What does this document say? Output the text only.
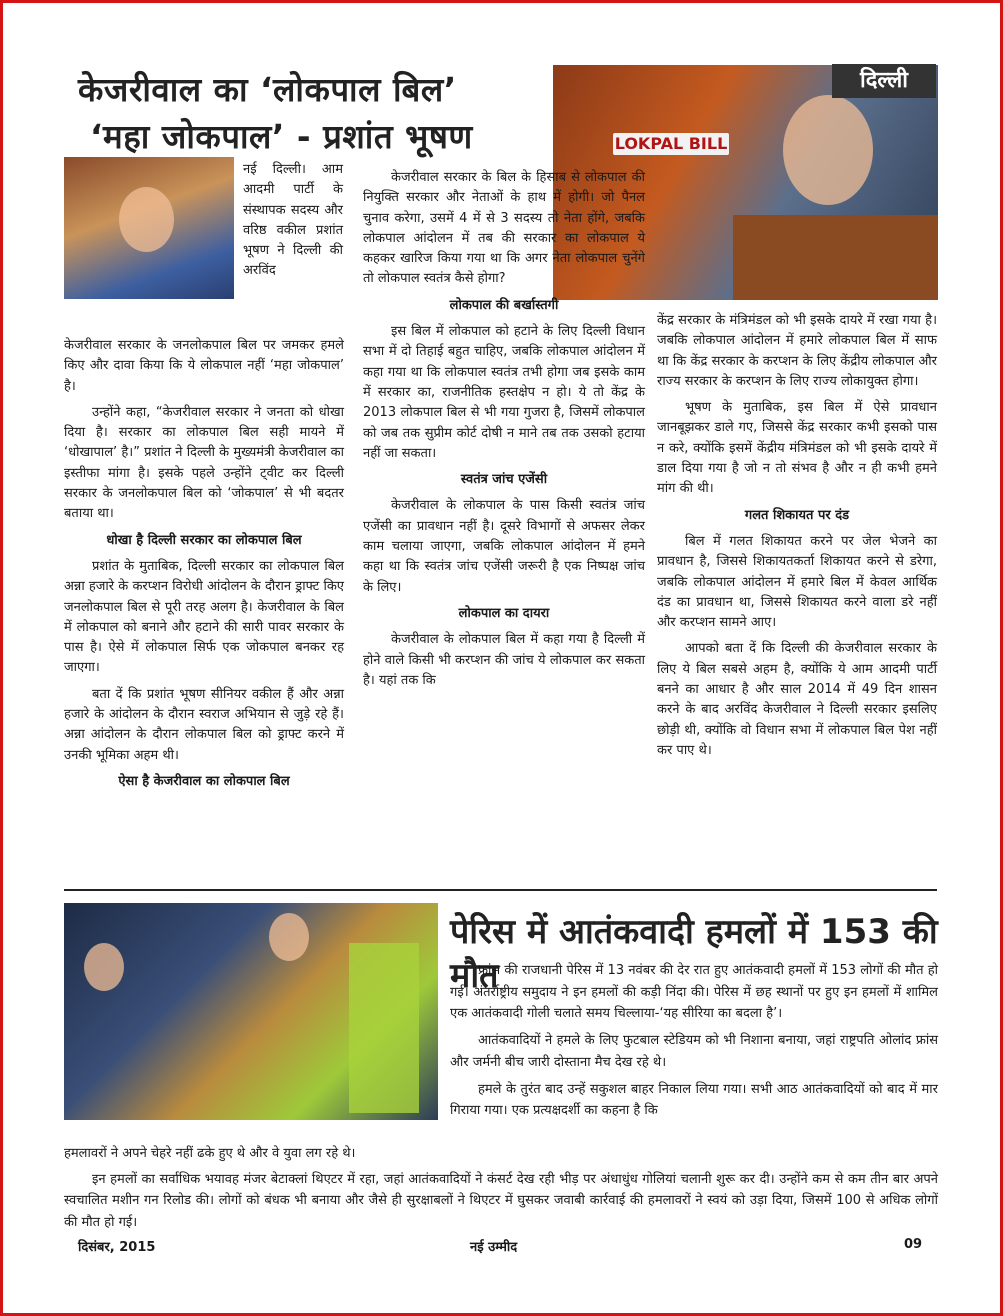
केजरीवाल का ‘लोकपाल बिल’
‘महा जोकपाल’ - प्रशांत भूषण	LOKPAL BILL
दिल्ली

नई दिल्ली। आम आदमी पार्टी के संस्थापक सदस्य और वरिष्ठ वकील प्रशांत भूषण ने दिल्ली की अरविंद

केजरीवाल सरकार के जनलोकपाल बिल पर जमकर हमले किए और दावा किया कि ये लोकपाल नहीं ‘महा जोकपाल’ है।

उन्होंने कहा, “केजरीवाल सरकार ने जनता को धोखा दिया है। सरकार का लोकपाल बिल सही मायने में ‘धोखापाल’ है।” प्रशांत ने दिल्ली के मुख्यमंत्री केजरीवाल का इस्तीफा मांगा है। इसके पहले उन्होंने ट्वीट कर दिल्ली सरकार के जनलोकपाल बिल को ‘जोकपाल’ से भी बदतर बताया था।

धोखा है दिल्ली सरकार का लोकपाल बिल

प्रशांत के मुताबिक, दिल्ली सरकार का लोकपाल बिल अन्ना हजारे के करप्शन विरोधी आंदोलन के दौरान ड्राफ्ट किए जनलोकपाल बिल से पूरी तरह अलग है। केजरीवाल के बिल में लोकपाल को बनाने और हटाने की सारी पावर सरकार के पास है। ऐसे में लोकपाल सिर्फ एक जोकपाल बनकर रह जाएगा।

बता दें कि प्रशांत भूषण सीनियर वकील हैं और अन्ना हजारे के आंदोलन के दौरान स्वराज अभियान से जुड़े रहे हैं। अन्ना आंदोलन के दौरान लोकपाल बिल को ड्राफ्ट करने में उनकी भूमिका अहम थी।

ऐसा है केजरीवाल का लोकपाल बिल

केजरीवाल सरकार के बिल के हिसाब से लोकपाल की नियुक्ति सरकार और नेताओं के हाथ में होगी। जो पैनल चुनाव करेगा, उसमें 4 में से 3 सदस्य तो नेता होंगे, जबकि लोकपाल आंदोलन में तब की सरकार का लोकपाल ये कहकर खारिज किया गया था कि अगर नेता लोकपाल चुनेंगे तो लोकपाल स्वतंत्र कैसे होगा?

लोकपाल की बर्खास्तगी

इस बिल में लोकपाल को हटाने के लिए दिल्ली विधान सभा में दो तिहाई बहुत चाहिए, जबकि लोकपाल आंदोलन में कहा गया था कि लोकपाल स्वतंत्र तभी होगा जब इसके काम में सरकार का, राजनीतिक हस्तक्षेप न हो। ये तो केंद्र के 2013 लोकपाल बिल से भी गया गुजरा है, जिसमें लोकपाल को जब तक सुप्रीम कोर्ट दोषी न माने तब तक उसको हटाया नहीं जा सकता।

स्वतंत्र जांच एजेंसी

केजरीवाल के लोकपाल के पास किसी स्वतंत्र जांच एजेंसी का प्रावधान नहीं है। दूसरे विभागों से अफसर लेकर काम चलाया जाएगा, जबकि लोकपाल आंदोलन में हमने कहा था कि स्वतंत्र जांच एजेंसी जरूरी है एक निष्पक्ष जांच के लिए।

लोकपाल का दायरा

केजरीवाल के लोकपाल बिल में कहा गया है दिल्ली में होने वाले किसी भी करप्शन की जांच ये लोकपाल कर सकता है। यहां तक कि

केंद्र सरकार के मंत्रिमंडल को भी इसके दायरे में रखा गया है। जबकि लोकपाल आंदोलन में हमारे लोकपाल बिल में साफ था कि केंद्र सरकार के करप्शन के लिए केंद्रीय लोकपाल और राज्य सरकार के करप्शन के लिए राज्य लोकायुक्त होगा।

भूषण के मुताबिक, इस बिल में ऐसे प्रावधान जानबूझकर डाले गए, जिससे केंद्र सरकार कभी इसको पास न करे, क्योंकि इसमें केंद्रीय मंत्रिमंडल को भी इसके दायरे में डाल दिया गया है जो न तो संभव है और न ही कभी हमने मांग की थी।

गलत शिकायत पर दंड

बिल में गलत शिकायत करने पर जेल भेजने का प्रावधान है, जिससे शिकायतकर्ता शिकायत करने से डरेगा, जबकि लोकपाल आंदोलन में हमारे बिल में केवल आर्थिक दंड का प्रावधान था, जिससे शिकायत करने वाला डरे नहीं और करप्शन सामने आए।

आपको बता दें कि दिल्ली की केजरीवाल सरकार के लिए ये बिल सबसे अहम है, क्योंकि ये आम आदमी पार्टी बनने का आधार है और साल 2014 में 49 दिन शासन करने के बाद अरविंद केजरीवाल ने दिल्ली सरकार इसलिए छोड़ी थी, क्योंकि वो विधान सभा में लोकपाल बिल पेश नहीं कर पाए थे।

पेरिस में आतंकवादी हमलों में 153 की मौत

फ्रांस की राजधानी पेरिस में 13 नवंबर की देर रात हुए आतंकवादी हमलों में 153 लोगों की मौत हो गई। अंतर्राष्ट्रीय समुदाय ने इन हमलों की कड़ी निंदा की। पेरिस में छह स्थानों पर हुए इन हमलों में शामिल एक आतंकवादी गोली चलाते समय चिल्लाया-‘यह सीरिया का बदला है’।

आतंकवादियों ने हमले के लिए फुटबाल स्टेडियम को भी निशाना बनाया, जहां राष्ट्रपति ओलांद फ्रांस और जर्मनी बीच जारी दोस्ताना मैच देख रहे थे।

हमले के तुरंत बाद उन्हें सकुशल बाहर निकाल लिया गया। सभी आठ आतंकवादियों को बाद में मार गिराया गया। एक प्रत्यक्षदर्शी का कहना है कि

हमलावरों ने अपने चेहरे नहीं ढके हुए थे और वे युवा लग रहे थे।

इन हमलों का सर्वाधिक भयावह मंजर बेटाक्लां थिएटर में रहा, जहां आतंकवादियों ने कंसर्ट देख रही भीड़ पर अंधाधुंध गोलियां चलानी शुरू कर दी। उन्होंने कम से कम तीन बार अपने स्वचालित मशीन गन रिलोड की। लोगों को बंधक भी बनाया और जैसे ही सुरक्षाबलों ने थिएटर में घुसकर जवाबी कार्रवाई की हमलावरों ने स्वयं को उड़ा दिया, जिसमें 100 से अधिक लोगों की मौत हो गई।

दिसंबर, 2015	नई उम्मीद	09
